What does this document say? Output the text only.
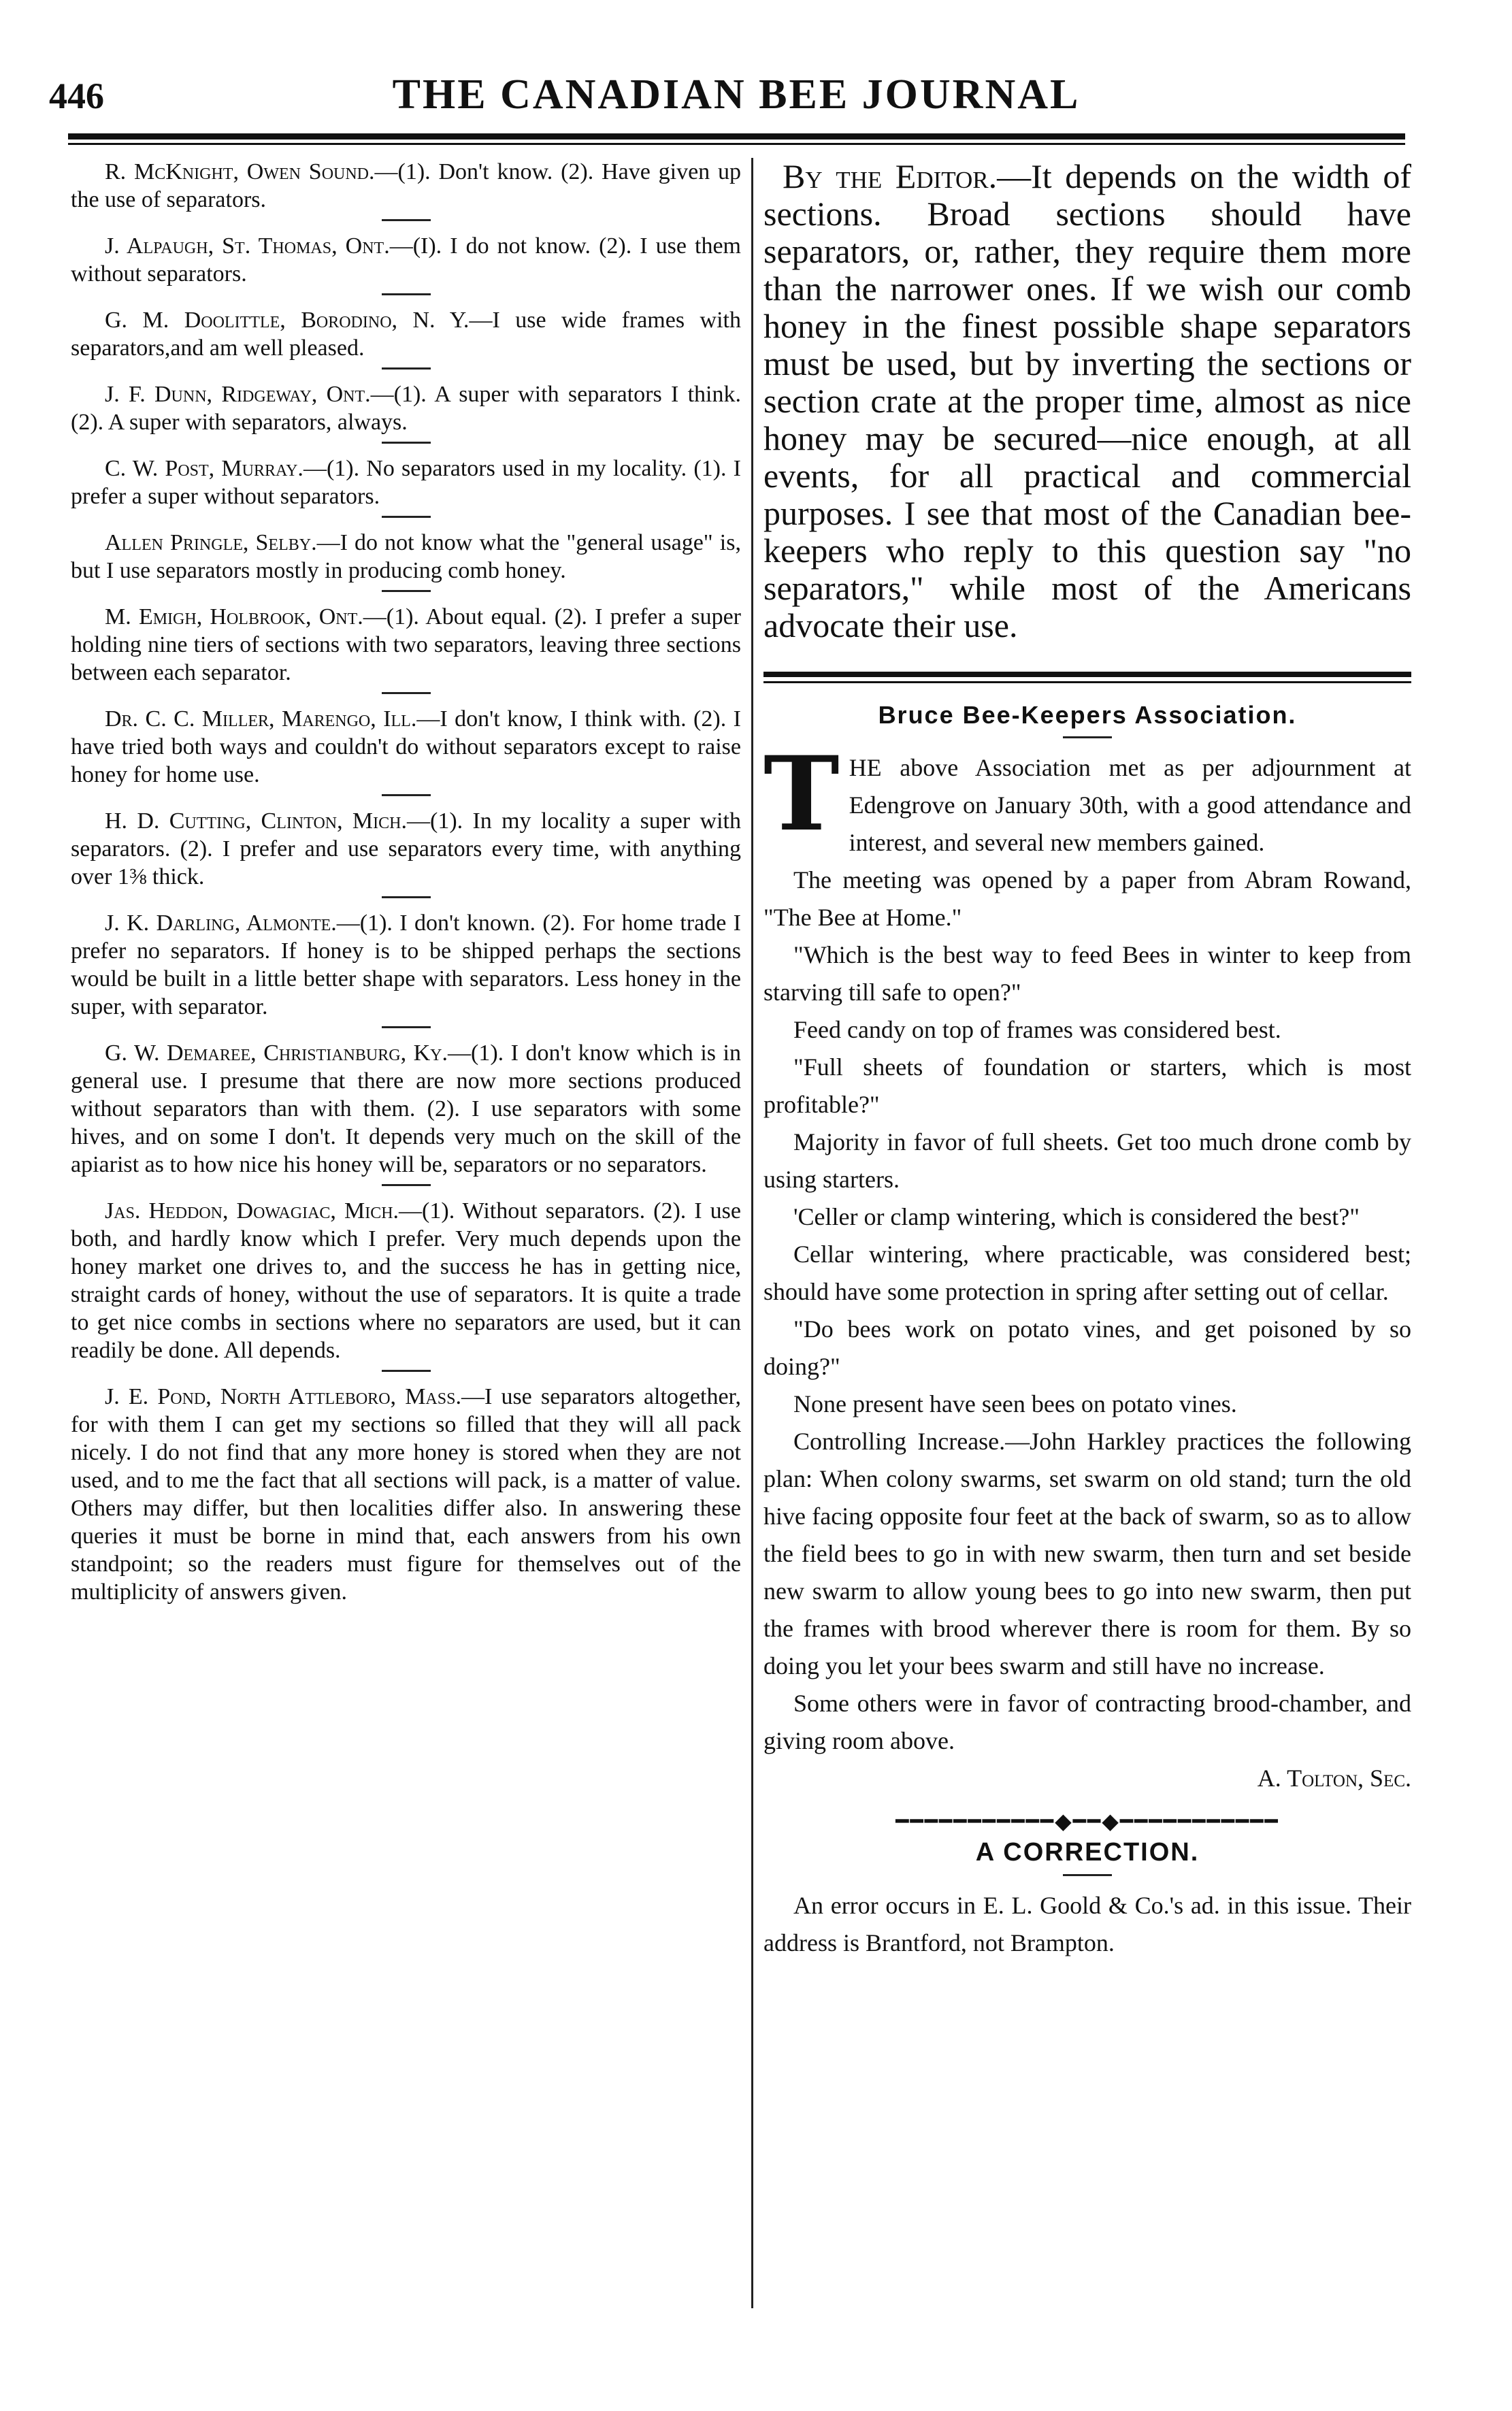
446	THE CANADIAN BEE JOURNAL

R. McKnight, Owen Sound.—(1). Don't know. (2). Have given up the use of separators.

J. Alpaugh, St. Thomas, Ont.—(I). I do not know. (2). I use them without separators.

G. M. Doolittle, Borodino, N. Y.—I use wide frames with separators,and am well pleased.

J. F. Dunn, Ridgeway, Ont.—(1). A super with separators I think. (2). A super with separators, always.

C. W. Post, Murray.—(1). No separators used in my locality. (1). I prefer a super without separators.

Allen Pringle, Selby.—I do not know what the "general usage" is, but I use separators mostly in producing comb honey.

M. Emigh, Holbrook, Ont.—(1). About equal. (2). I prefer a super holding nine tiers of sections with two separators, leaving three sections between each separator.

Dr. C. C. Miller, Marengo, Ill.—I don't know, I think with. (2). I have tried both ways and couldn't do without separators except to raise honey for home use.

H. D. Cutting, Clinton, Mich.—(1). In my locality a super with separators. (2). I prefer and use separators every time, with anything over 1⅜ thick.

J. K. Darling, Almonte.—(1). I don't known. (2). For home trade I prefer no separators. If honey is to be shipped perhaps the sections would be built in a little better shape with separators. Less honey in the super, with separator.

G. W. Demaree, Christianburg, Ky.—(1). I don't know which is in general use. I presume that there are now more sections produced without separators than with them. (2). I use separators with some hives, and on some I don't. It depends very much on the skill of the apiarist as to how nice his honey will be, separators or no separators.

Jas. Heddon, Dowagiac, Mich.—(1). Without separators. (2). I use both, and hardly know which I prefer. Very much depends upon the honey market one drives to, and the success he has in getting nice, straight cards of honey, without the use of separators. It is quite a trade to get nice combs in sections where no separators are used, but it can readily be done. All depends.

J. E. Pond, North Attleboro, Mass.—I use separators altogether, for with them I can get my sections so filled that they will all pack nicely. I do not find that any more honey is stored when they are not used, and to me the fact that all sections will pack, is a matter of value. Others may differ, but then localities differ also. In answering these queries it must be borne in mind that, each answers from his own standpoint; so the readers must figure for themselves out of the multiplicity of answers given.

By the Editor.—It depends on the width of sections. Broad sections should have separators, or, rather, they require them more than the narrower ones. If we wish our comb honey in the finest possible shape separators must be used, but by inverting the sections or section crate at the proper time, almost as nice honey may be secured—nice enough, at all events, for all practical and commercial purposes. I see that most of the Canadian bee-keepers who reply to this question say "no separators," while most of the Americans advocate their use.

Bruce Bee-Keepers Association.

THE above Association met as per adjournment at Edengrove on January 30th, with a good attendance and interest, and several new members gained.

The meeting was opened by a paper from Abram Rowand, "The Bee at Home."

"Which is the best way to feed Bees in winter to keep from starving till safe to open?"

Feed candy on top of frames was considered best.

"Full sheets of foundation or starters, which is most profitable?"

Majority in favor of full sheets. Get too much drone comb by using starters.

'Celler or clamp wintering, which is considered the best?"

Cellar wintering, where practicable, was considered best; should have some protection in spring after setting out of cellar.

"Do bees work on potato vines, and get poisoned by so doing?"

None present have seen bees on potato vines.

Controlling Increase.—John Harkley practices the following plan: When colony swarms, set swarm on old stand; turn the old hive facing opposite four feet at the back of swarm, so as to allow the field bees to go in with new swarm, then turn and set beside new swarm to allow young bees to go into new swarm, then put the frames with brood wherever there is room for them. By so doing you let your bees swarm and still have no increase.

Some others were in favor of contracting brood-chamber, and giving room above.

A. Tolton, Sec.
━━━━━━━━━━━◆━━◆━━━━━━━━━━━
A CORRECTION.

An error occurs in E. L. Goold & Co.'s ad. in this issue. Their address is Brantford, not Brampton.
